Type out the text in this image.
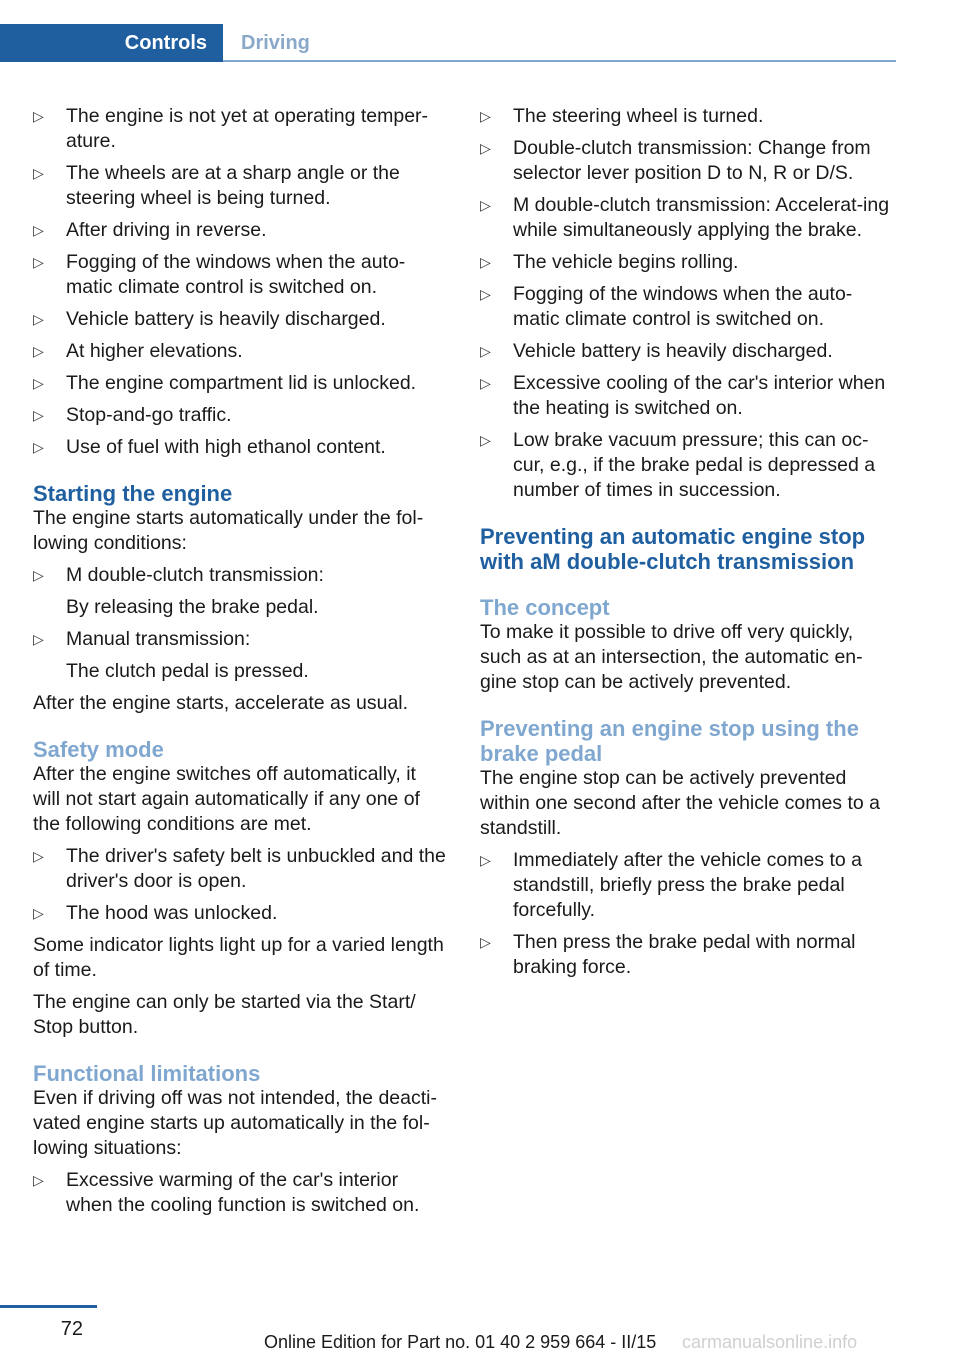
Controls	Driving
▷ The engine is not yet at operating temper‐ature.
▷ The wheels are at a sharp angle or the steering wheel is being turned.
▷ After driving in reverse.
▷ Fogging of the windows when the auto‐matic climate control is switched on.
▷ Vehicle battery is heavily discharged.
▷ At higher elevations.
▷ The engine compartment lid is unlocked.
▷ Stop-and-go traffic.
▷ Use of fuel with high ethanol content.
Starting the engine

The engine starts automatically under the fol‐lowing conditions:

▷ M double-clutch transmission:
By releasing the brake pedal.
▷ Manual transmission:
The clutch pedal is pressed.

After the engine starts, accelerate as usual.

Safety mode

After the engine switches off automatically, it will not start again automatically if any one of the following conditions are met.

▷ The driver's safety belt is unbuckled and the driver's door is open.
▷ The hood was unlocked.

Some indicator lights light up for a varied length of time.

The engine can only be started via the Start/ Stop button.

Functional limitations

Even if driving off was not intended, the deacti‐vated engine starts up automatically in the fol‐lowing situations:

▷ Excessive warming of the car's interior when the cooling function is switched on.
▷ The steering wheel is turned.
▷ Double-clutch transmission: Change from selector lever position D to N, R or D/S.
▷ M double-clutch transmission: Accelerat‐ing while simultaneously applying the brake.
▷ The vehicle begins rolling.
▷ Fogging of the windows when the auto‐matic climate control is switched on.
▷ Vehicle battery is heavily discharged.
▷ Excessive cooling of the car's interior when the heating is switched on.
▷ Low brake vacuum pressure; this can oc‐cur, e.g., if the brake pedal is depressed a number of times in succession.
Preventing an automatic engine stop with aM double-clutch transmission
The concept

To make it possible to drive off very quickly, such as at an intersection, the automatic en‐gine stop can be actively prevented.

Preventing an engine stop using the brake pedal

The engine stop can be actively prevented within one second after the vehicle comes to a standstill.

▷ Immediately after the vehicle comes to a standstill, briefly press the brake pedal forcefully.
▷ Then press the brake pedal with normal braking force.
72
Online Edition for Part no. 01 40 2 959 664 - II/15 carmanualsonline.info
